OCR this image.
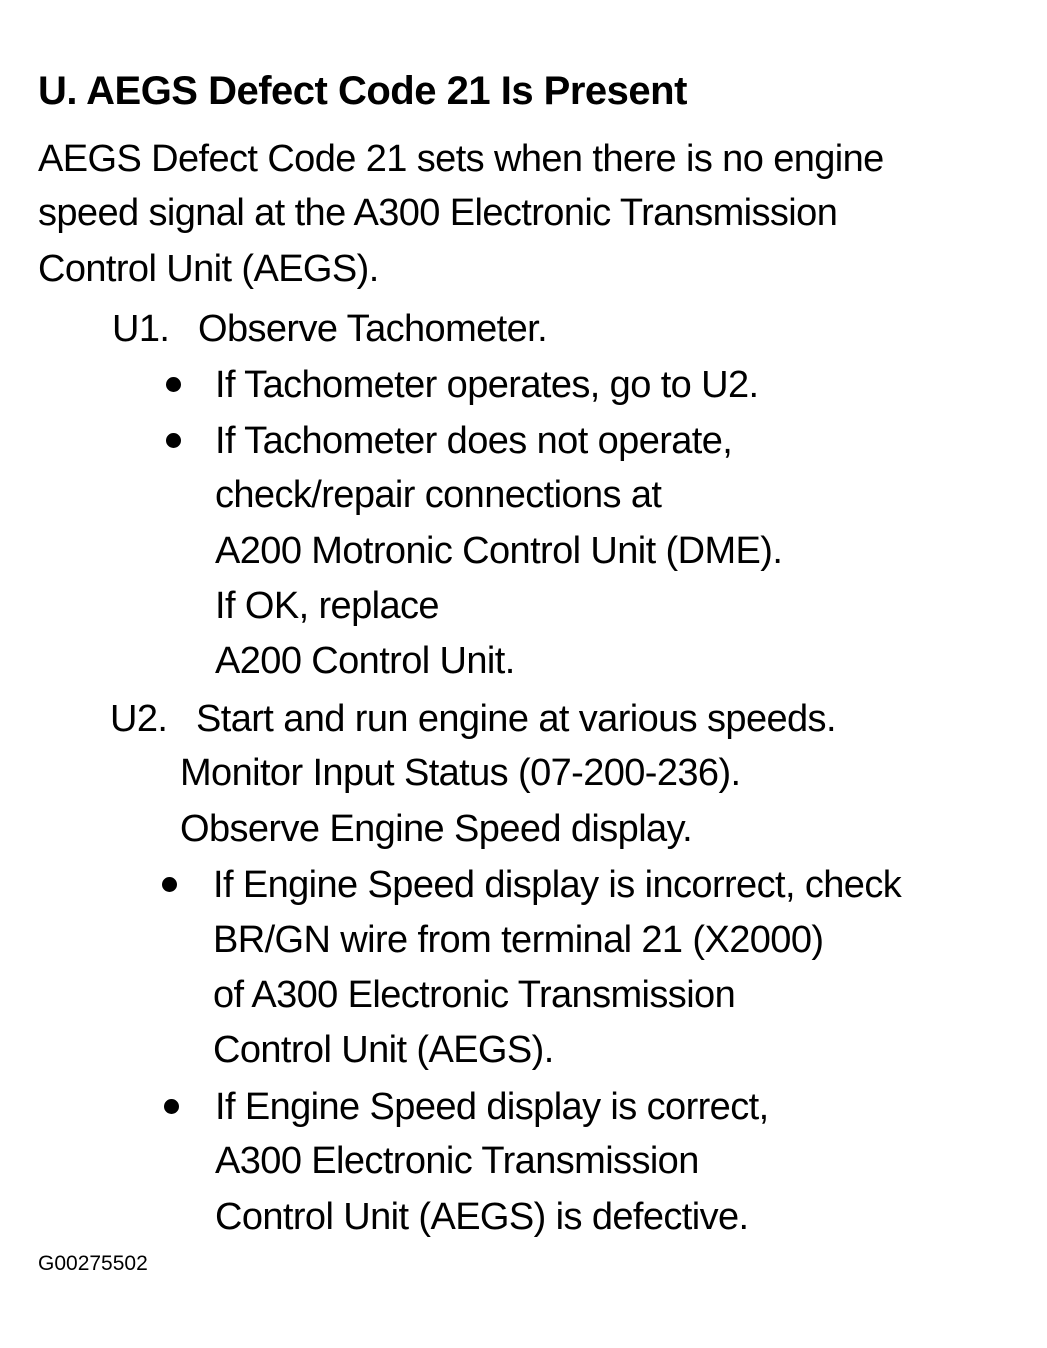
U. AEGS Defect Code 21 Is Present
AEGS Defect Code 21 sets when there is no engine
speed signal at the A300 Electronic Transmission
Control Unit (AEGS).
U1. Observe Tachometer.
If Tachometer operates, go to U2.
If Tachometer does not operate,
check/repair connections at
A200 Motronic Control Unit (DME).
If OK, replace
A200 Control Unit.
U2. Start and run engine at various speeds.
Monitor Input Status (07-200-236).
Observe Engine Speed display.
If Engine Speed display is incorrect, check
BR/GN wire from terminal 21 (X2000)
of A300 Electronic Transmission
Control Unit (AEGS).
If Engine Speed display is correct,
A300 Electronic Transmission
Control Unit (AEGS) is defective.
G00275502
